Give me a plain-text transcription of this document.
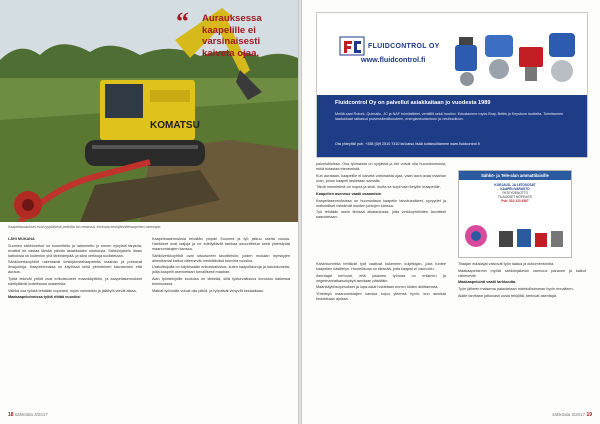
KOMATSU
“	Aurauksessa kaapelille ei varsinaisesti kaiveta ojaa.
Kaapeliauraukset ovat tyypillisesti pelloilla tai metsissä, kertovat keskijännitekaapelien asentajat.

LÄHI MUKANA

Suomen sähköverkot on suunniteltu ja rakennettu jo ennen nykyisiä tarpeita, eivätkä ne vastaa tämän päivän asiakkaiden odotuksia. Sähkönjakelu ilman katkoksia on kuitenkin yhä tärkeämpää, ja siksi verkkoja uudistetaan.

Sähköverkkoyhtiöt rakentavat keskijännitekaapeleita maahan ja purkavat ilmajohtoja. Kaapeloinnissa on käytössä sekä perinteinen kaivaminen että auraus.

Työtä tekevät yhtiöt ovat erikoistuneet maankäyttöön, ja kaapeliasennukset edellyttävät luotettavaa osaamista.

Vaikka osa työstä tehdään nopeasti, myös valmistelu ja jälkityöt vievät aikaa.

Maakaapeloinnissa työtä riittää vuosiksi

Kaapelinasennuksia tehdään ympäri Suomea ja työ jatkuu useita vuosia. Hankkeet ovat laajoja ja ne edellyttävät tarkkaa suunnittelua sekä yhteistyötä maanomistajien kanssa.

Sähköverkkoyhtiöt ovat sitoutuneet tavoitteisiin, joiden mukaan myrskyjen aiheuttamat katkot vähenevät merkittävästi tulevina vuosina.

Urakoitsijoilla on käytössään erikoiskalustoa, kuten kaapeliauroja ja kaivinkoneita, joilla kaapelit asennetaan turvallisesti maahan.

Alan työntekijöille koulutus on tärkeää, sillä työturvallisuus korostuu kaikessa toiminnassa.

Matkat työmaille voivat olla pitkiä, ja työpäivät venyvät kesäaikaan.

18 sähköala 3/2017
FLUIDCONTROL OY
www.fluidcontrol.fi
Fluidcontrol Oy on palvellut asiakkaitaan jo vuodesta 1989
Meillä saat Rotork, Quimatic, JC ja NAF toimilaitteet, venttiilit sekä huollon. Edustamme myös Bray, Bettis ja Keystone tuotteita. Toimitamme laadukkaat ratkaisut prosessiteollisuuteen, energiantuotantoon ja vesihuoltoon.
Ota yhteyttä! puh. +358 (0)9 2510 7410 tai katso lisää kotisivuiltamme www.fluidcontrol.fi

palvelutiloissa. Osa työmaista on syrjässä ja tiet voivat olla huonokuntoisia, mikä hidastaa etenemistä.

Kun aurataan, kaapelille ei kaiveta varsinaista ojaa, vaan aura avaa maahan uran, johon kaapeli lasketaan samalla.

Tämä menetelmä on nopea ja siisti, mutta se sopii vain tietyille maaperille.

Kaapelien asennus vaatii osaamista

Kaapeliasennuksissa on huomioitava kaapelin taivutussäteet, syvyydet ja mahdolliset risteämät muiden johtojen kanssa.

Työ tehdään usein tiiviissä aikataulussa, jotta verkkoyhtiöiden tavoitteet saavutetaan.

Sähkö- ja Tele-alan ammattilaisille
KORJAUS- JA LIITOSOSAT
KAAPELIVARASTO
YHTEYDENOTTO
TILAUKSET NOPEASTI
Puh. 010 123 4567

Kaivinkoneella tehtävät työt vaativat kokeneen kuljettajan, joka tuntee kaapelien käsittelyn. Huolellisuus on tärkeää, jotta kaapeli ei vaurioidu.

Asentajat kertovat, että jokainen työmaa on erilainen ja ongelmanratkaisukykyä tarvitaan päivittäin.

Maankäyttösopimukset ja lupa-asiat hoidetaan ennen töiden aloittamista.

Yhteistyö maanomistajien kanssa sujuu yleensä hyvin, kun asioista tiedotetaan ajoissa.

Tilaajan edustajat valvovat työn laatua ja dokumentointia.

Maakaapeloinnin myötä sähkönjakelun varmuus paranee ja katkot vähenevät.

Maakaapelointi vaatii tarkkuutta

Työn jälkeen maisema palautetaan mahdollisimman hyvin ennalleen.

Alalle tarvitaan jatkuvasti uusia tekijöitä, kertovat asentajat.

sähköala 3/2017 19
